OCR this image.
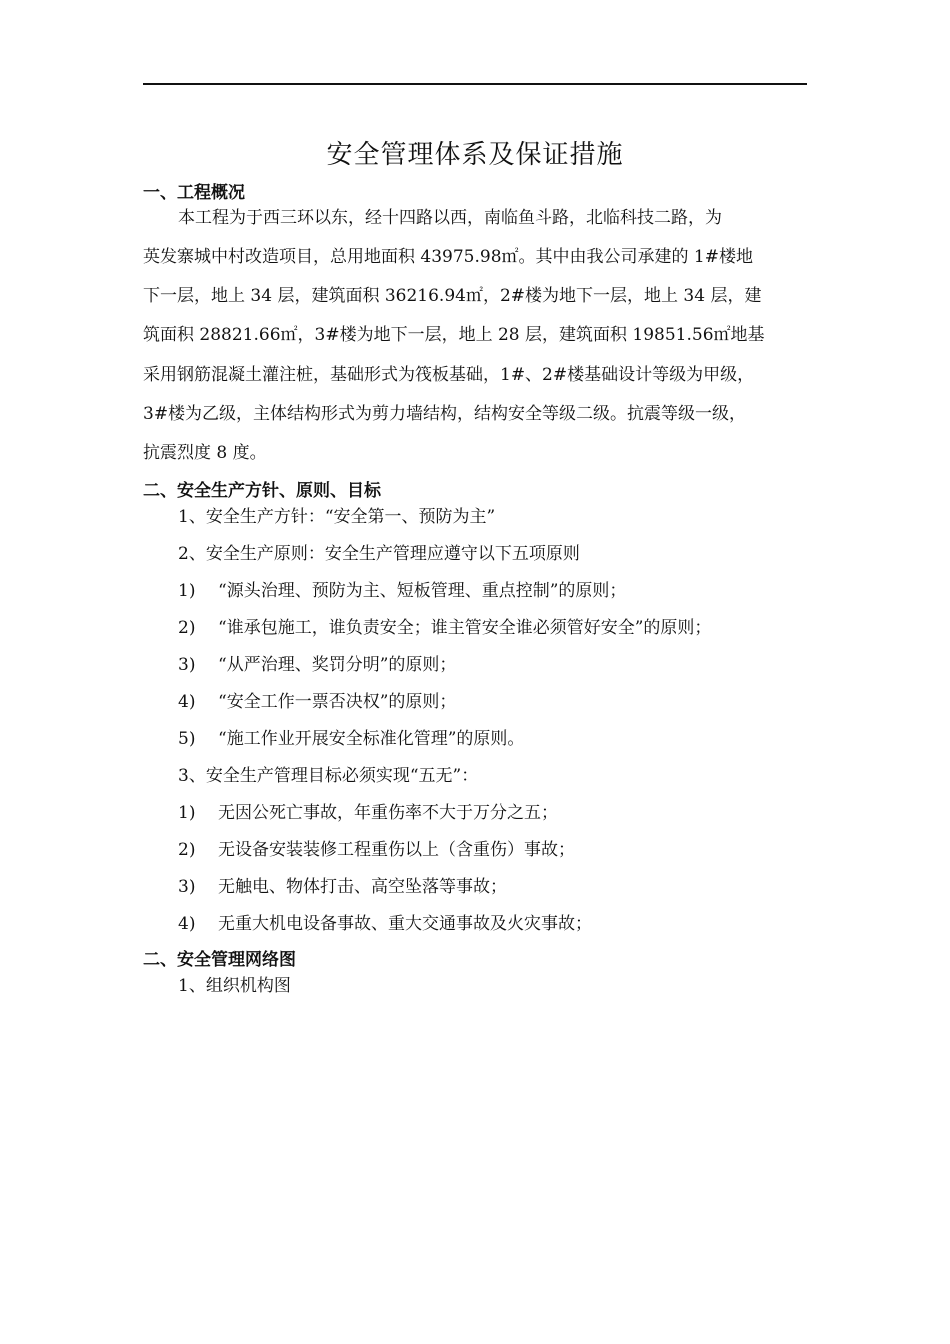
安全管理体系及保证措施
一、工程概况
本工程为于西三环以东，经十四路以西，南临鱼斗路，北临科技二路，为
英发寨城中村改造项目，总用地面积 43975.98㎡。其中由我公司承建的 1#楼地
下一层，地上 34 层，建筑面积 36216.94㎡，2#楼为地下一层，地上 34 层，建
筑面积 28821.66㎡，3#楼为地下一层，地上 28 层，建筑面积 19851.56㎡地基
采用钢筋混凝土灌注桩，基础形式为筏板基础，1#、2#楼基础设计等级为甲级，
3#楼为乙级，主体结构形式为剪力墙结构，结构安全等级二级。抗震等级一级，
抗震烈度 8 度。
二、安全生产方针、原则、目标
1、安全生产方针：“安全第一、预防为主”
2、安全生产原则：安全生产管理应遵守以下五项原则
1) “源头治理、预防为主、短板管理、重点控制”的原则；
2) “谁承包施工，谁负责安全；谁主管安全谁必须管好安全”的原则；
3) “从严治理、奖罚分明”的原则；
4) “安全工作一票否决权”的原则；
5) “施工作业开展安全标准化管理”的原则。
3、安全生产管理目标必须实现“五无”：
1) 无因公死亡事故，年重伤率不大于万分之五；
2) 无设备安装装修工程重伤以上（含重伤）事故；
3) 无触电、物体打击、高空坠落等事故；
4) 无重大机电设备事故、重大交通事故及火灾事故；
二、安全管理网络图
1、组织机构图
